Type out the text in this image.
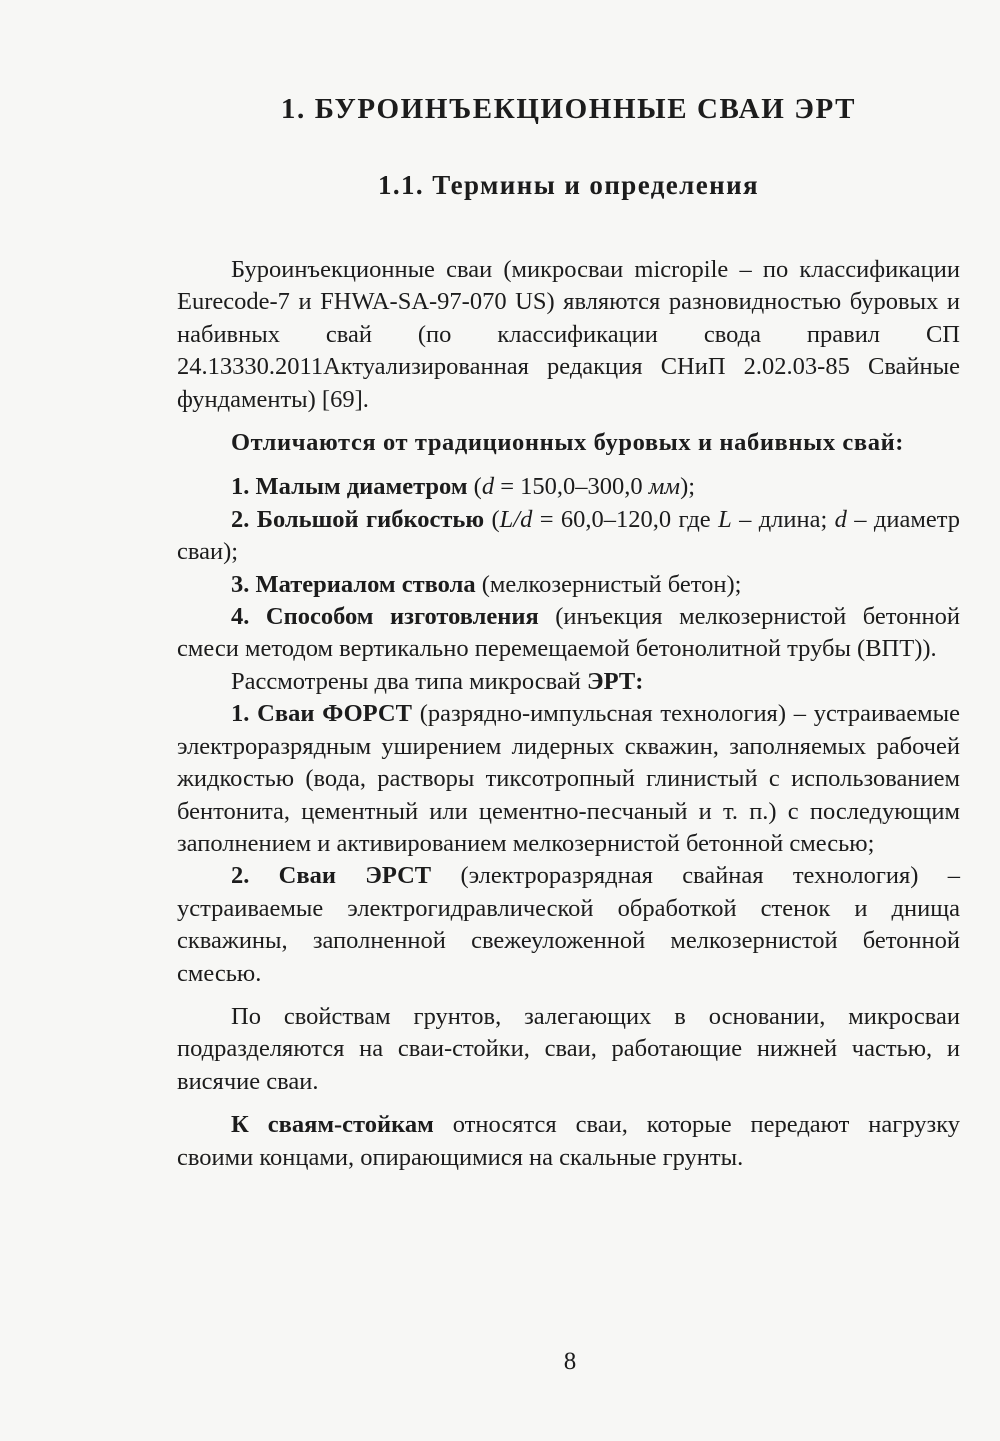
1. БУРОИНЪЕКЦИОННЫЕ СВАИ ЭРТ
1.1. Термины и определения

Буроинъекционные сваи (микросваи micropile – по классификации Eurecode-7 и FHWA-SA-97-070 US) являются разновидностью буровых и набивных свай (по классификации свода правил СП 24.13330.2011Актуализированная редакция СНиП 2.02.03-85 Свайные фундаменты) [69].

Отличаются от традиционных буровых и набивных свай:

1. Малым диаметром (d = 150,0–300,0 мм);

2. Большой гибкостью (L/d = 60,0–120,0 где L – длина; d – диаметр сваи);

3. Материалом ствола (мелкозернистый бетон);

4. Способом изготовления (инъекция мелкозернистой бетонной смеси методом вертикально перемещаемой бетонолитной трубы (ВПТ)).

Рассмотрены два типа микросвай ЭРТ:

1. Сваи ФОРСТ (разрядно-импульсная технология) – устраиваемые электроразрядным уширением лидерных скважин, заполняемых рабочей жидкостью (вода, растворы тиксотропный глинистый с использованием бентонита, цементный или цементно-песчаный и т. п.) с последующим заполнением и активированием мелкозернистой бетонной смесью;

2. Сваи ЭРСТ (электроразрядная свайная технология) – устраиваемые электрогидравлической обработкой стенок и днища скважины, заполненной свежеуложенной мелкозернистой бетонной смесью.

По свойствам грунтов, залегающих в основании, микросваи подразделяются на сваи-стойки, сваи, работающие нижней частью, и висячие сваи.

К сваям-стойкам относятся сваи, которые передают нагрузку своими концами, опирающимися на скальные грунты.

8
